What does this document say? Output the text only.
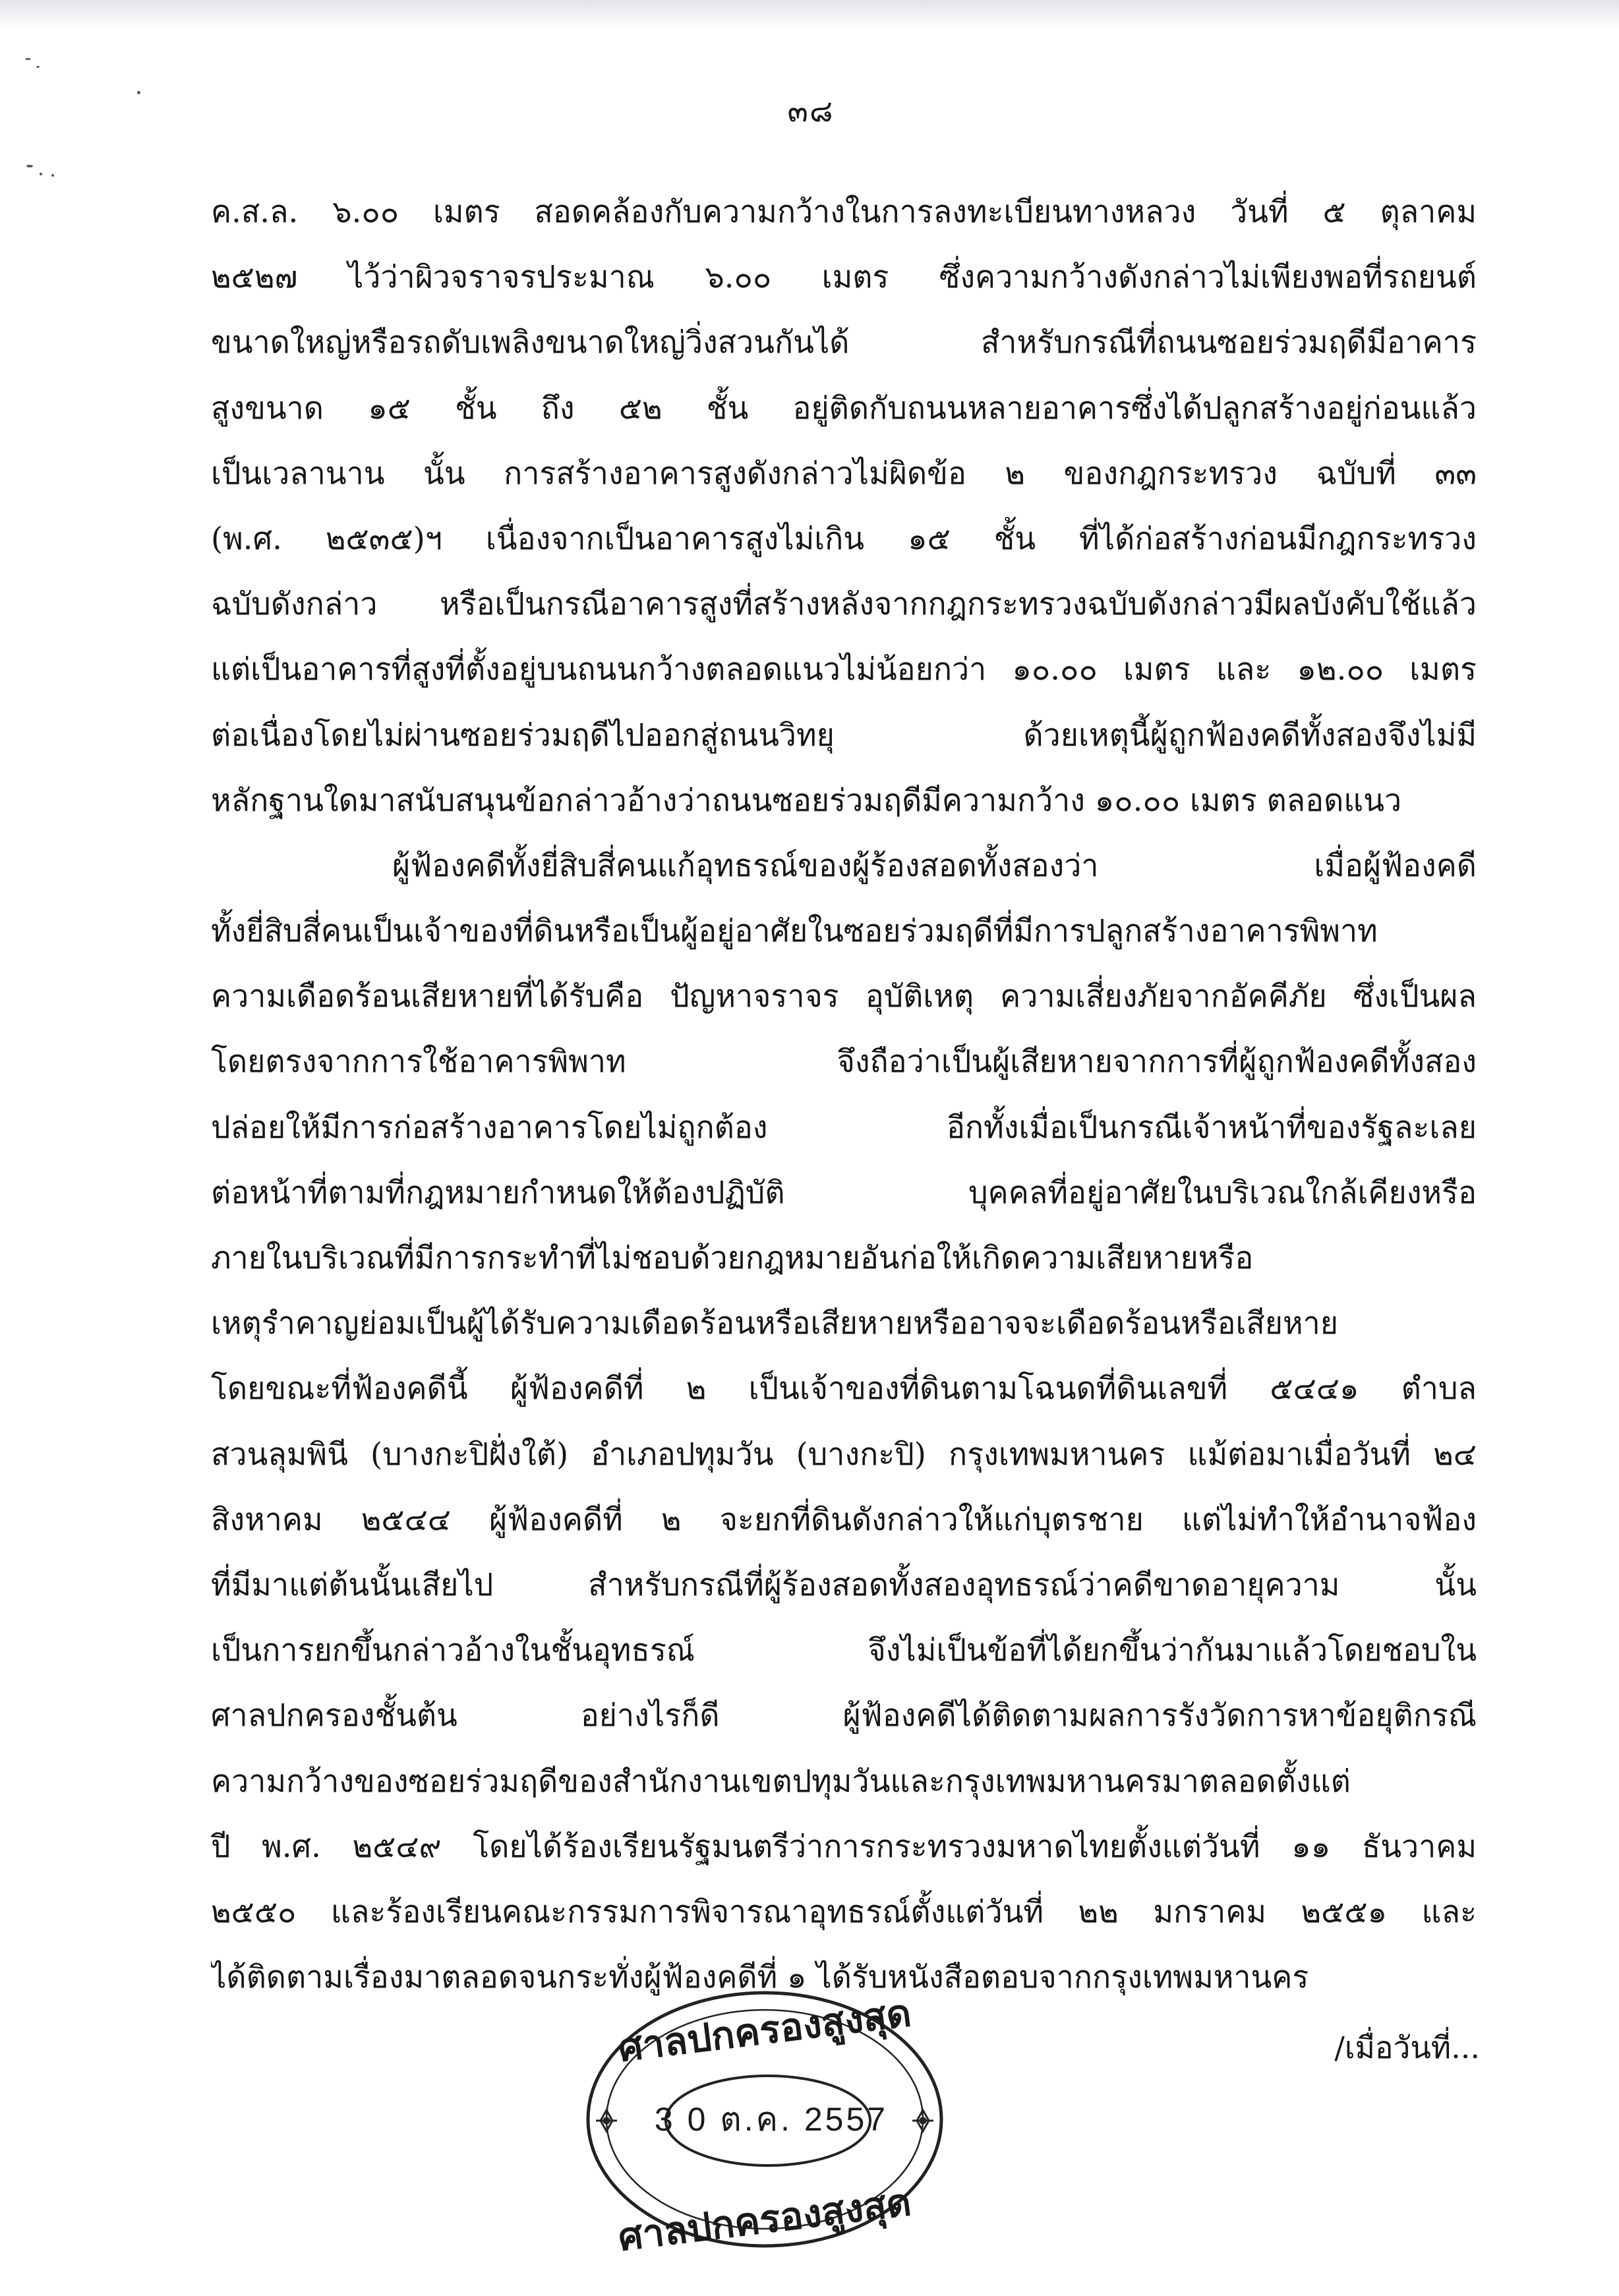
๓๘
ค.ส.ล. ๖.๐๐ เมตร สอดคล้องกับความกว้างในการลงทะเบียนทางหลวง วันที่ ๕ ตุลาคม
๒๕๒๗ ไว้ว่าผิวจราจรประมาณ ๖.๐๐ เมตร ซึ่งความกว้างดังกล่าวไม่เพียงพอที่รถยนต์
ขนาดใหญ่หรือรถดับเพลิงขนาดใหญ่วิ่งสวนกันได้ สำหรับกรณีที่ถนนซอยร่วมฤดีมีอาคาร
สูงขนาด ๑๕ ชั้น ถึง ๕๒ ชั้น อยู่ติดกับถนนหลายอาคารซึ่งได้ปลูกสร้างอยู่ก่อนแล้ว
เป็นเวลานาน นั้น การสร้างอาคารสูงดังกล่าวไม่ผิดข้อ ๒ ของกฎกระทรวง ฉบับที่ ๓๓
(พ.ศ. ๒๕๓๕)ฯ เนื่องจากเป็นอาคารสูงไม่เกิน ๑๕ ชั้น ที่ได้ก่อสร้างก่อนมีกฎกระทรวง
ฉบับดังกล่าว หรือเป็นกรณีอาคารสูงที่สร้างหลังจากกฎกระทรวงฉบับดังกล่าวมีผลบังคับใช้แล้ว
แต่เป็นอาคารที่สูงที่ตั้งอยู่บนถนนกว้างตลอดแนวไม่น้อยกว่า ๑๐.๐๐ เมตร และ ๑๒.๐๐ เมตร
ต่อเนื่องโดยไม่ผ่านซอยร่วมฤดีไปออกสู่ถนนวิทยุ ด้วยเหตุนี้ผู้ถูกฟ้องคดีทั้งสองจึงไม่มี
หลักฐานใดมาสนับสนุนข้อกล่าวอ้างว่าถนนซอยร่วมฤดีมีความกว้าง ๑๐.๐๐ เมตร ตลอดแนว
ผู้ฟ้องคดีทั้งยี่สิบสี่คนแก้อุทธรณ์ของผู้ร้องสอดทั้งสองว่า เมื่อผู้ฟ้องคดี
ทั้งยี่สิบสี่คนเป็นเจ้าของที่ดินหรือเป็นผู้อยู่อาศัยในซอยร่วมฤดีที่มีการปลูกสร้างอาคารพิพาท
ความเดือดร้อนเสียหายที่ได้รับคือ ปัญหาจราจร อุบัติเหตุ ความเสี่ยงภัยจากอัคคีภัย ซึ่งเป็นผล
โดยตรงจากการใช้อาคารพิพาท จึงถือว่าเป็นผู้เสียหายจากการที่ผู้ถูกฟ้องคดีทั้งสอง
ปล่อยให้มีการก่อสร้างอาคารโดยไม่ถูกต้อง อีกทั้งเมื่อเป็นกรณีเจ้าหน้าที่ของรัฐละเลย
ต่อหน้าที่ตามที่กฎหมายกำหนดให้ต้องปฏิบัติ บุคคลที่อยู่อาศัยในบริเวณใกล้เคียงหรือ
ภายในบริเวณที่มีการกระทำที่ไม่ชอบด้วยกฎหมายอันก่อให้เกิดความเสียหายหรือ
เหตุรำคาญย่อมเป็นผู้ได้รับความเดือดร้อนหรือเสียหายหรืออาจจะเดือดร้อนหรือเสียหาย
โดยขณะที่ฟ้องคดีนี้ ผู้ฟ้องคดีที่ ๒ เป็นเจ้าของที่ดินตามโฉนดที่ดินเลขที่ ๕๔๔๑ ตำบล
สวนลุมพินี (บางกะปิฝั่งใต้) อำเภอปทุมวัน (บางกะปิ) กรุงเทพมหานคร แม้ต่อมาเมื่อวันที่ ๒๔
สิงหาคม ๒๕๔๔ ผู้ฟ้องคดีที่ ๒ จะยกที่ดินดังกล่าวให้แก่บุตรชาย แต่ไม่ทำให้อำนาจฟ้อง
ที่มีมาแต่ต้นนั้นเสียไป สำหรับกรณีที่ผู้ร้องสอดทั้งสองอุทธรณ์ว่าคดีขาดอายุความ นั้น
เป็นการยกขึ้นกล่าวอ้างในชั้นอุทธรณ์ จึงไม่เป็นข้อที่ได้ยกขึ้นว่ากันมาแล้วโดยชอบใน
ศาลปกครองชั้นต้น อย่างไรก็ดี ผู้ฟ้องคดีได้ติดตามผลการรังวัดการหาข้อยุติกรณี
ความกว้างของซอยร่วมฤดีของสำนักงานเขตปทุมวันและกรุงเทพมหานครมาตลอดตั้งแต่
ปี พ.ศ. ๒๕๔๙ โดยได้ร้องเรียนรัฐมนตรีว่าการกระทรวงมหาดไทยตั้งแต่วันที่ ๑๑ ธันวาคม
๒๕๕๐ และร้องเรียนคณะกรรมการพิจารณาอุทธรณ์ตั้งแต่วันที่ ๒๒ มกราคม ๒๕๕๑ และ
ได้ติดตามเรื่องมาตลอดจนกระทั่งผู้ฟ้องคดีที่ ๑ ได้รับหนังสือตอบจากกรุงเทพมหานคร
/เมื่อวันที่...
ศาลปกครองสูงสุด
3 0 ต.ค. 2557
ศาลปกครองสูงสุด
